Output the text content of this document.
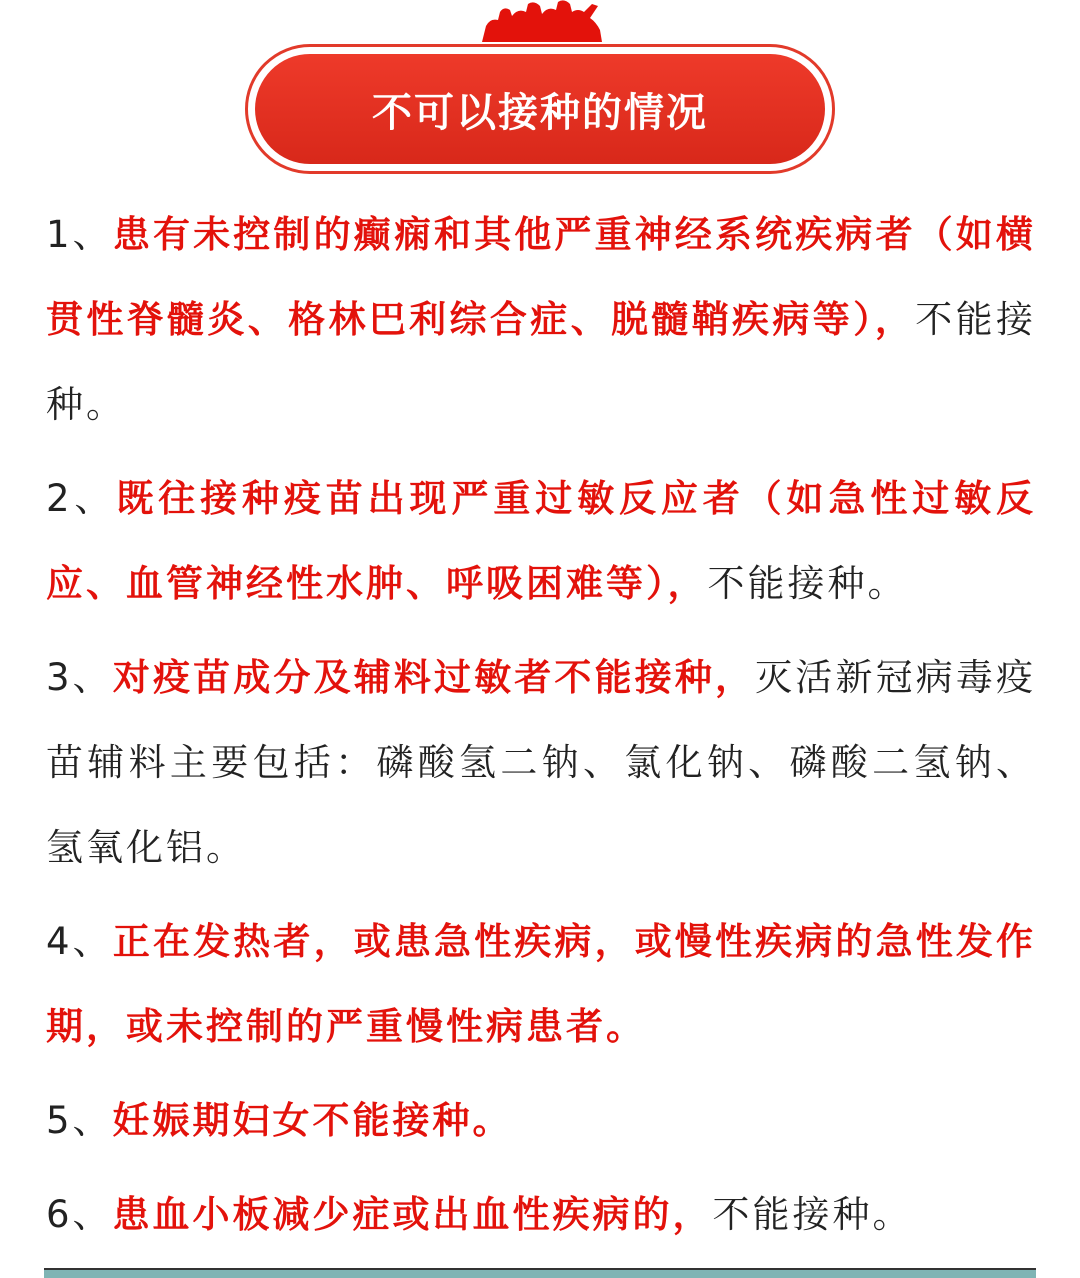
不可以接种的情况

1、患有未控制的癫痫和其他严重神经系统疾病者（如横贯性脊髓炎、格林巴利综合症、脱髓鞘疾病等），不能接种。

2、既往接种疫苗出现严重过敏反应者（如急性过敏反应、血管神经性水肿、呼吸困难等），不能接种。

3、对疫苗成分及辅料过敏者不能接种，灭活新冠病毒疫苗辅料主要包括：磷酸氢二钠、氯化钠、磷酸二氢钠、氢氧化铝。

4、正在发热者，或患急性疾病，或慢性疾病的急性发作期，或未控制的严重慢性病患者。

5、妊娠期妇女不能接种。

6、患血小板减少症或出血性疾病的，不能接种。
